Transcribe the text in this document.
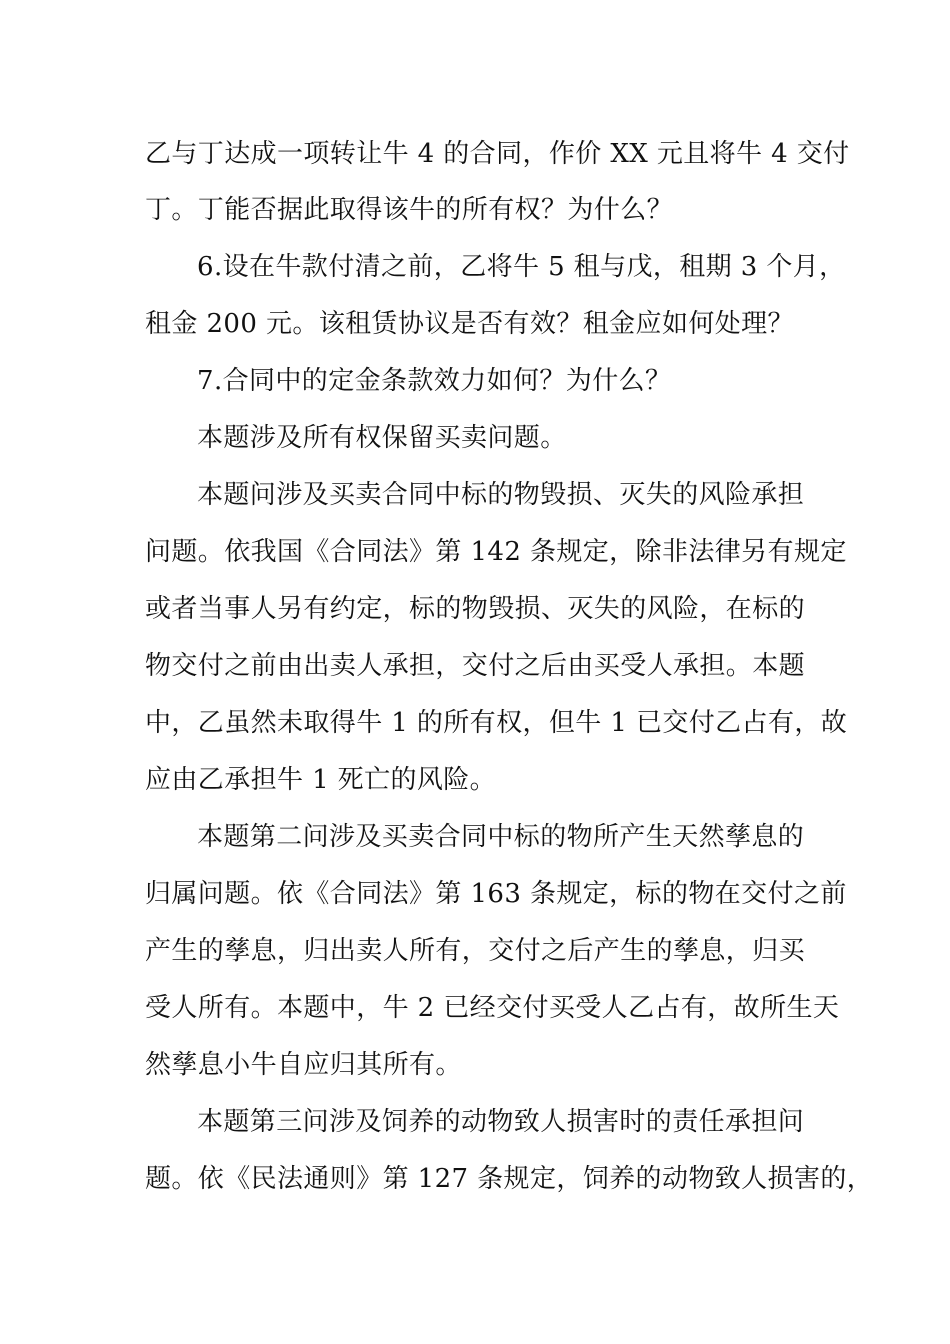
乙与丁达成一项转让牛 4 的合同，作价 XX 元且将牛 4 交付
丁。丁能否据此取得该牛的所有权？为什么？
6.设在牛款付清之前，乙将牛 5 租与戊，租期 3 个月，
租金 200 元。该租赁协议是否有效？租金应如何处理？
7.合同中的定金条款效力如何？为什么？
本题涉及所有权保留买卖问题。
本题问涉及买卖合同中标的物毁损、灭失的风险承担
问题。依我国《合同法》第 142 条规定，除非法律另有规定
或者当事人另有约定，标的物毁损、灭失的风险，在标的
物交付之前由出卖人承担，交付之后由买受人承担。本题
中，乙虽然未取得牛 1 的所有权，但牛 1 已交付乙占有，故
应由乙承担牛 1 死亡的风险。
本题第二问涉及买卖合同中标的物所产生天然孳息的
归属问题。依《合同法》第 163 条规定，标的物在交付之前
产生的孳息，归出卖人所有，交付之后产生的孳息，归买
受人所有。本题中，牛 2 已经交付买受人乙占有，故所生天
然孳息小牛自应归其所有。
本题第三问涉及饲养的动物致人损害时的责任承担问
题。依《民法通则》第 127 条规定，饲养的动物致人损害的，
